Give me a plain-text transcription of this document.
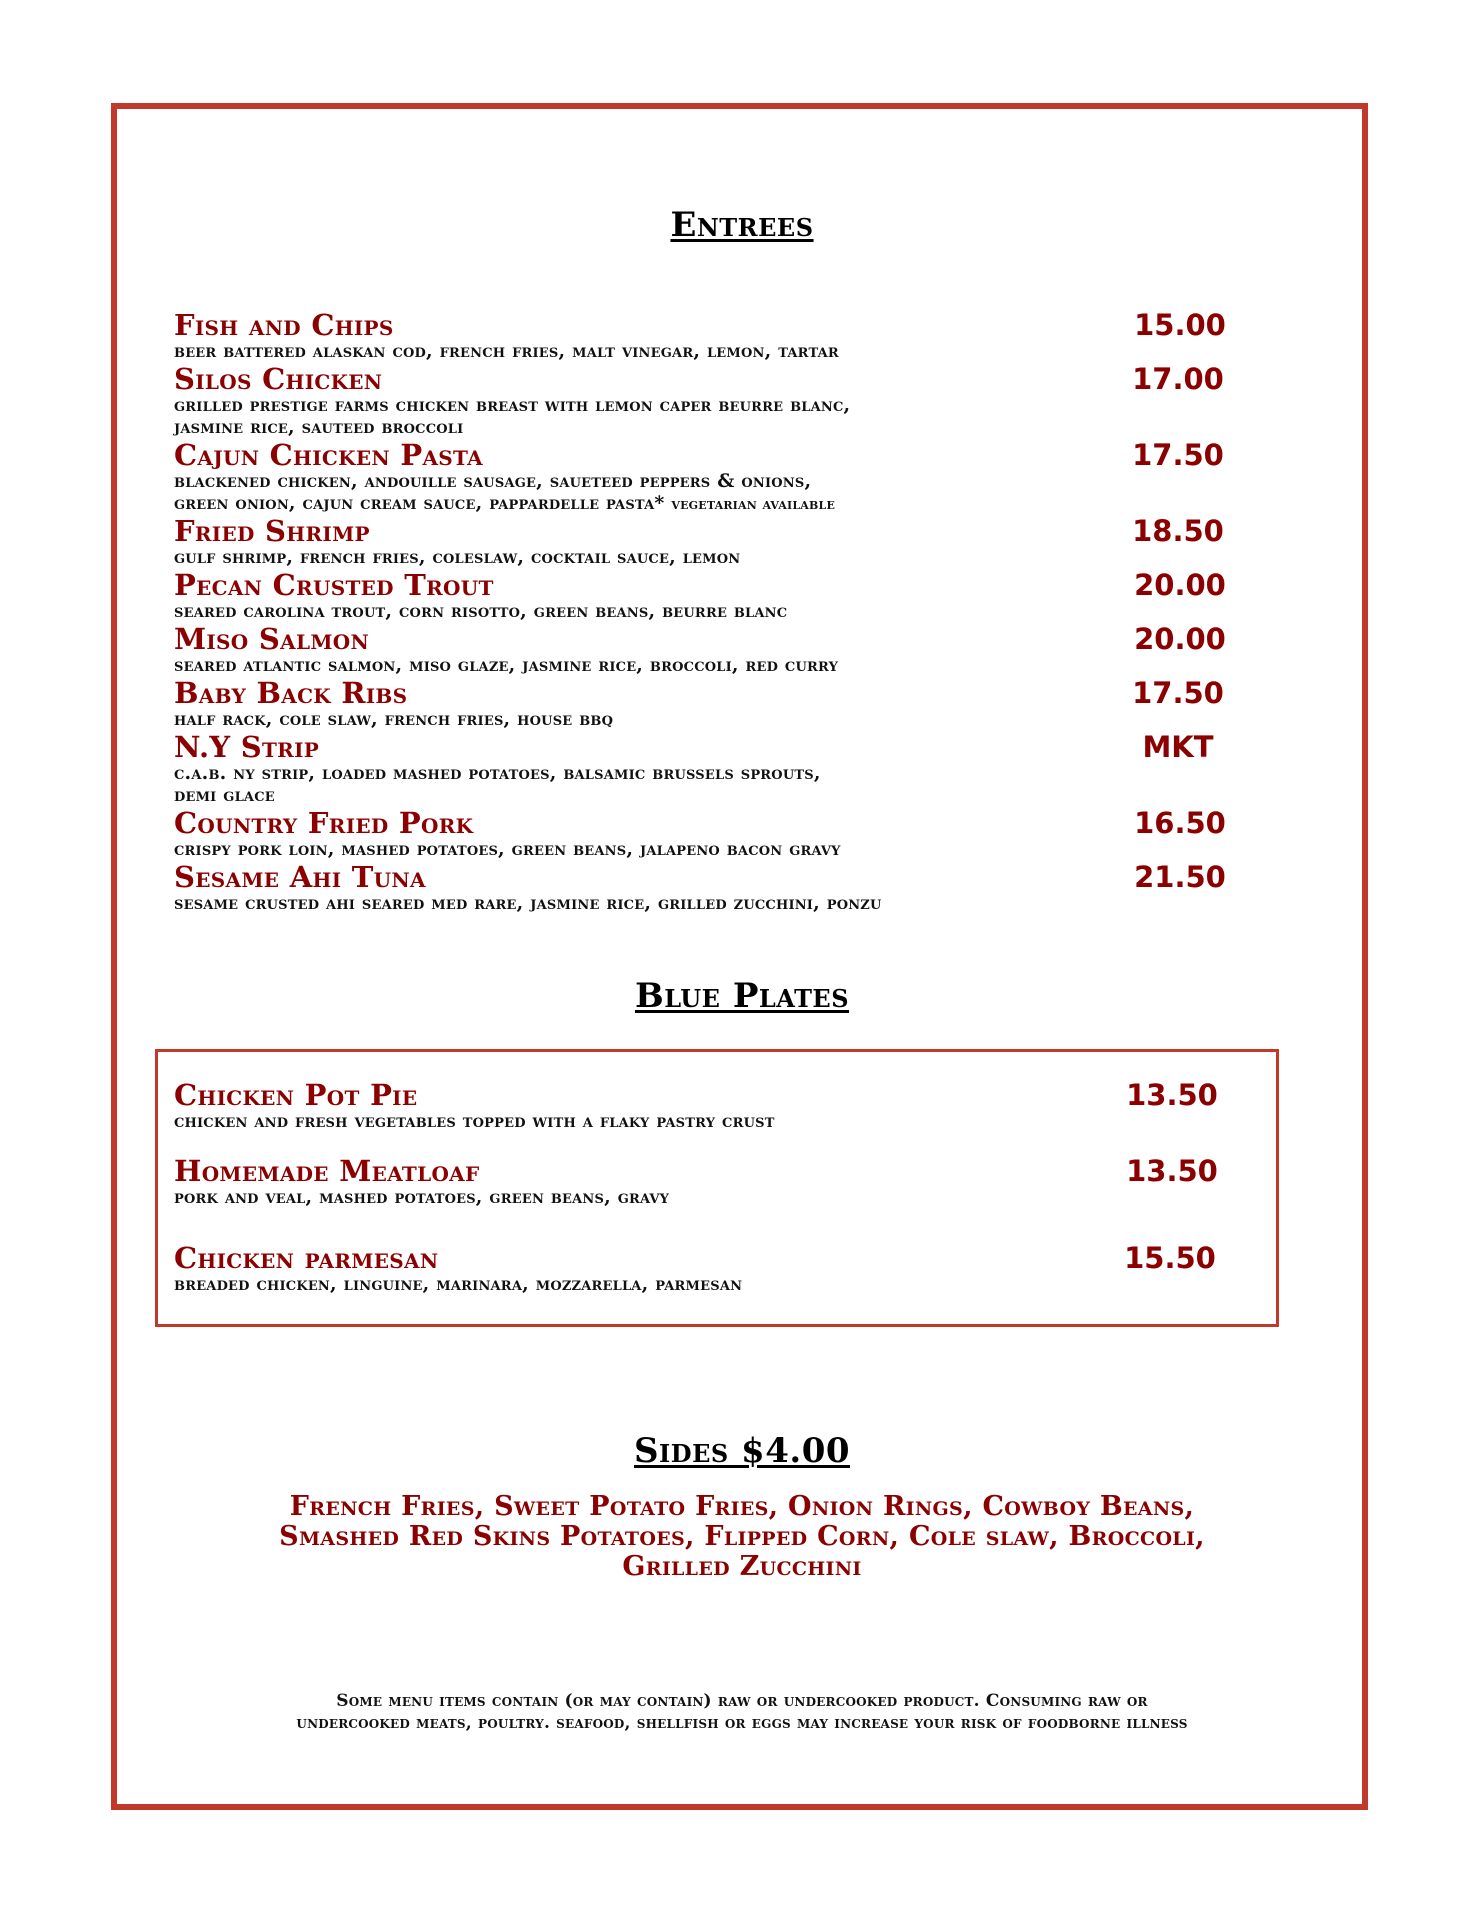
Entrees
Fish and Chips
beer battered alaskan cod, french fries, malt vinegar, lemon, tartar
15.00
Silos Chicken
grilled prestige farms chicken breast with lemon caper beurre blanc,
jasmine rice, sauteed broccoli
17.00
Cajun Chicken Pasta
blackened chicken, andouille sausage, saueteed peppers & onions,
green onion, cajun cream sauce, pappardelle pasta* vegetarian available
17.50
Fried Shrimp
gulf shrimp, french fries, coleslaw, cocktail sauce, lemon
18.50
Pecan Crusted Trout
seared carolina trout, corn risotto, green beans, beurre blanc
20.00
Miso Salmon
seared atlantic salmon, miso glaze, jasmine rice, broccoli, red curry
20.00
Baby Back Ribs
half rack, cole slaw, french fries, house bbq
17.50
N.Y Strip
c.a.b. ny strip, loaded mashed potatoes, balsamic brussels sprouts,
demi glace
MKT
Country Fried Pork
crispy pork loin, mashed potatoes, green beans, jalapeno bacon gravy
16.50
Sesame Ahi Tuna
sesame crusted ahi seared med rare, jasmine rice, grilled zucchini, ponzu
21.50
Blue Plates
Chicken Pot Pie
chicken and fresh vegetables topped with a flaky pastry crust
13.50
Homemade Meatloaf
pork and veal, mashed potatoes, green beans, gravy
13.50
Chicken parmesan
breaded chicken, linguine, marinara, mozzarella, parmesan
15.50
Sides $4.00
French Fries, Sweet Potato Fries, Onion Rings, Cowboy Beans,
Smashed Red Skins Potatoes, Flipped Corn, Cole slaw, Broccoli,
Grilled Zucchini
Some menu items contain (or may contain) raw or undercooked product. Consuming raw or
undercooked meats, poultry. seafood, shellfish or eggs may increase your risk of foodborne illness
